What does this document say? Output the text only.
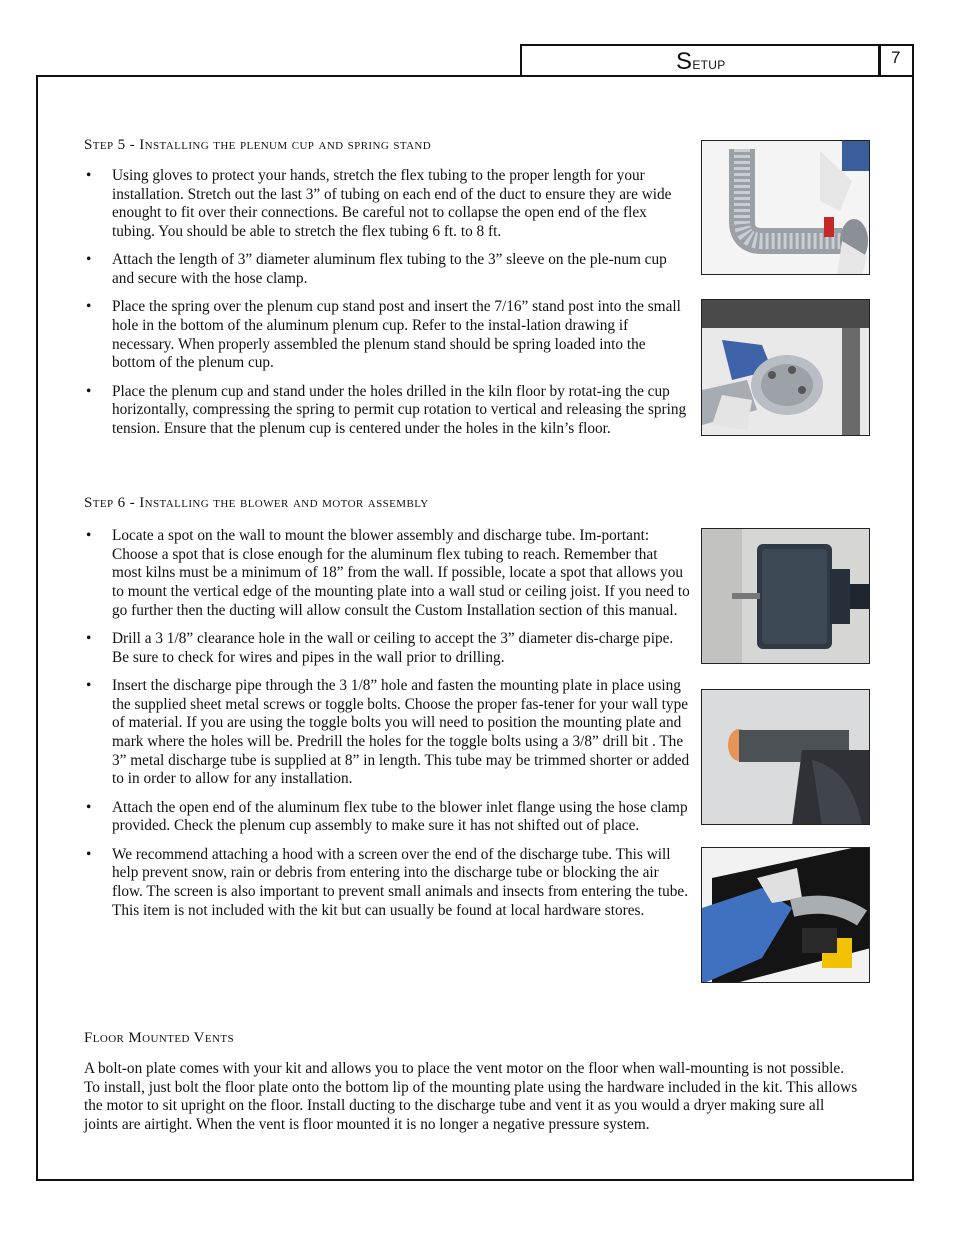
Setup	7
Step 5 - Installing the plenum cup and spring stand
• Using gloves to protect your hands, stretch the flex tubing to the proper length for your installation. Stretch out the last 3” of tubing on each end of the duct to ensure they are wide enought to fit over their connections. Be careful not to collapse the open end of the flex tubing. You should be able to stretch the flex tubing 6 ft. to 8 ft.
• Attach the length of 3” diameter aluminum flex tubing to the 3” sleeve on the ple-num cup and secure with the hose clamp.
• Place the spring over the plenum cup stand post and insert the 7/16” stand post into the small hole in the bottom of the aluminum plenum cup. Refer to the instal-lation drawing if necessary. When properly assembled the plenum stand should be spring loaded into the bottom of the plenum cup.
• Place the plenum cup and stand under the holes drilled in the kiln floor by rotat-ing the cup horizontally, compressing the spring to permit cup rotation to vertical and releasing the spring tension. Ensure that the plenum cup is centered under the holes in the kiln’s floor.
Step 6 - Installing the blower and motor assembly
• Locate a spot on the wall to mount the blower assembly and discharge tube. Im-portant: Choose a spot that is close enough for the aluminum flex tubing to reach. Remember that most kilns must be a minimum of 18” from the wall. If possible, locate a spot that allows you to mount the vertical edge of the mounting plate into a wall stud or ceiling joist. If you need to go further then the ducting will allow consult the Custom Installation section of this manual.
• Drill a 3 1/8” clearance hole in the wall or ceiling to accept the 3” diameter dis-charge pipe. Be sure to check for wires and pipes in the wall prior to drilling.
• Insert the discharge pipe through the 3 1/8” hole and fasten the mounting plate in place using the supplied sheet metal screws or toggle bolts. Choose the proper fas-tener for your wall type of material. If you are using the toggle bolts you will need to position the mounting plate and mark where the holes will be. Predrill the holes for the toggle bolts using a 3/8” drill bit . The 3” metal discharge tube is supplied at 8” in length. This tube may be trimmed shorter or added to in order to allow for any installation.
• Attach the open end of the aluminum flex tube to the blower inlet flange using the hose clamp provided. Check the plenum cup assembly to make sure it has not shifted out of place.
• We recommend attaching a hood with a screen over the end of the discharge tube. This will help prevent snow, rain or debris from entering into the discharge tube or blocking the air flow. The screen is also important to prevent small animals and insects from entering the tube. This item is not included with the kit but can usually be found at local hardware stores.
Floor Mounted Vents

A bolt-on plate comes with your kit and allows you to place the vent motor on the floor when wall-mounting is not possible. To install, just bolt the floor plate onto the bottom lip of the mounting plate using the hardware included in the kit. This allows the motor to sit upright on the floor. Install ducting to the discharge tube and vent it as you would a dryer making sure all joints are airtight. When the vent is floor mounted it is no longer a negative pressure system.
